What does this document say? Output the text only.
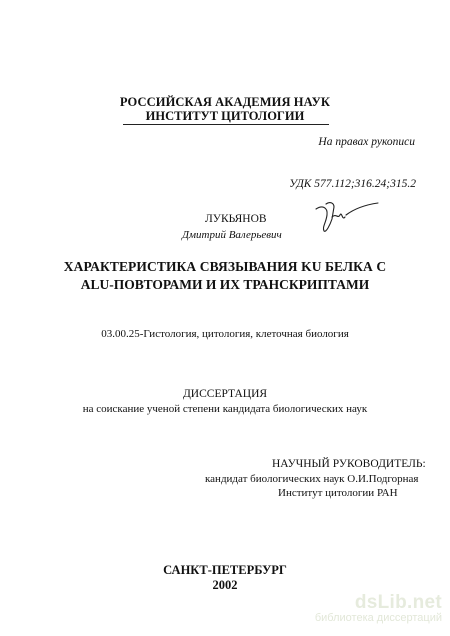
РОССИЙСКАЯ АКАДЕМИЯ НАУК
ИНСТИТУТ ЦИТОЛОГИИ
На правах рукописи
УДК 577.112;316.24;315.2
ЛУКЬЯНОВ
Дмитрий Валерьевич
ХАРАКТЕРИСТИКА СВЯЗЫВАНИЯ KU БЕЛКА С
ALU-ПОВТОРАМИ И ИХ ТРАНСКРИПТАМИ
03.00.25-Гистология, цитология, клеточная биология
ДИССЕРТАЦИЯ
на соискание ученой степени кандидата биологических наук
НАУЧНЫЙ РУКОВОДИТЕЛЬ:
кандидат биологических наук О.И.Подгорная
Институт цитологии РАН
САНКТ-ПЕТЕРБУРГ
2002
dsLib.net
библиотека диссертаций
